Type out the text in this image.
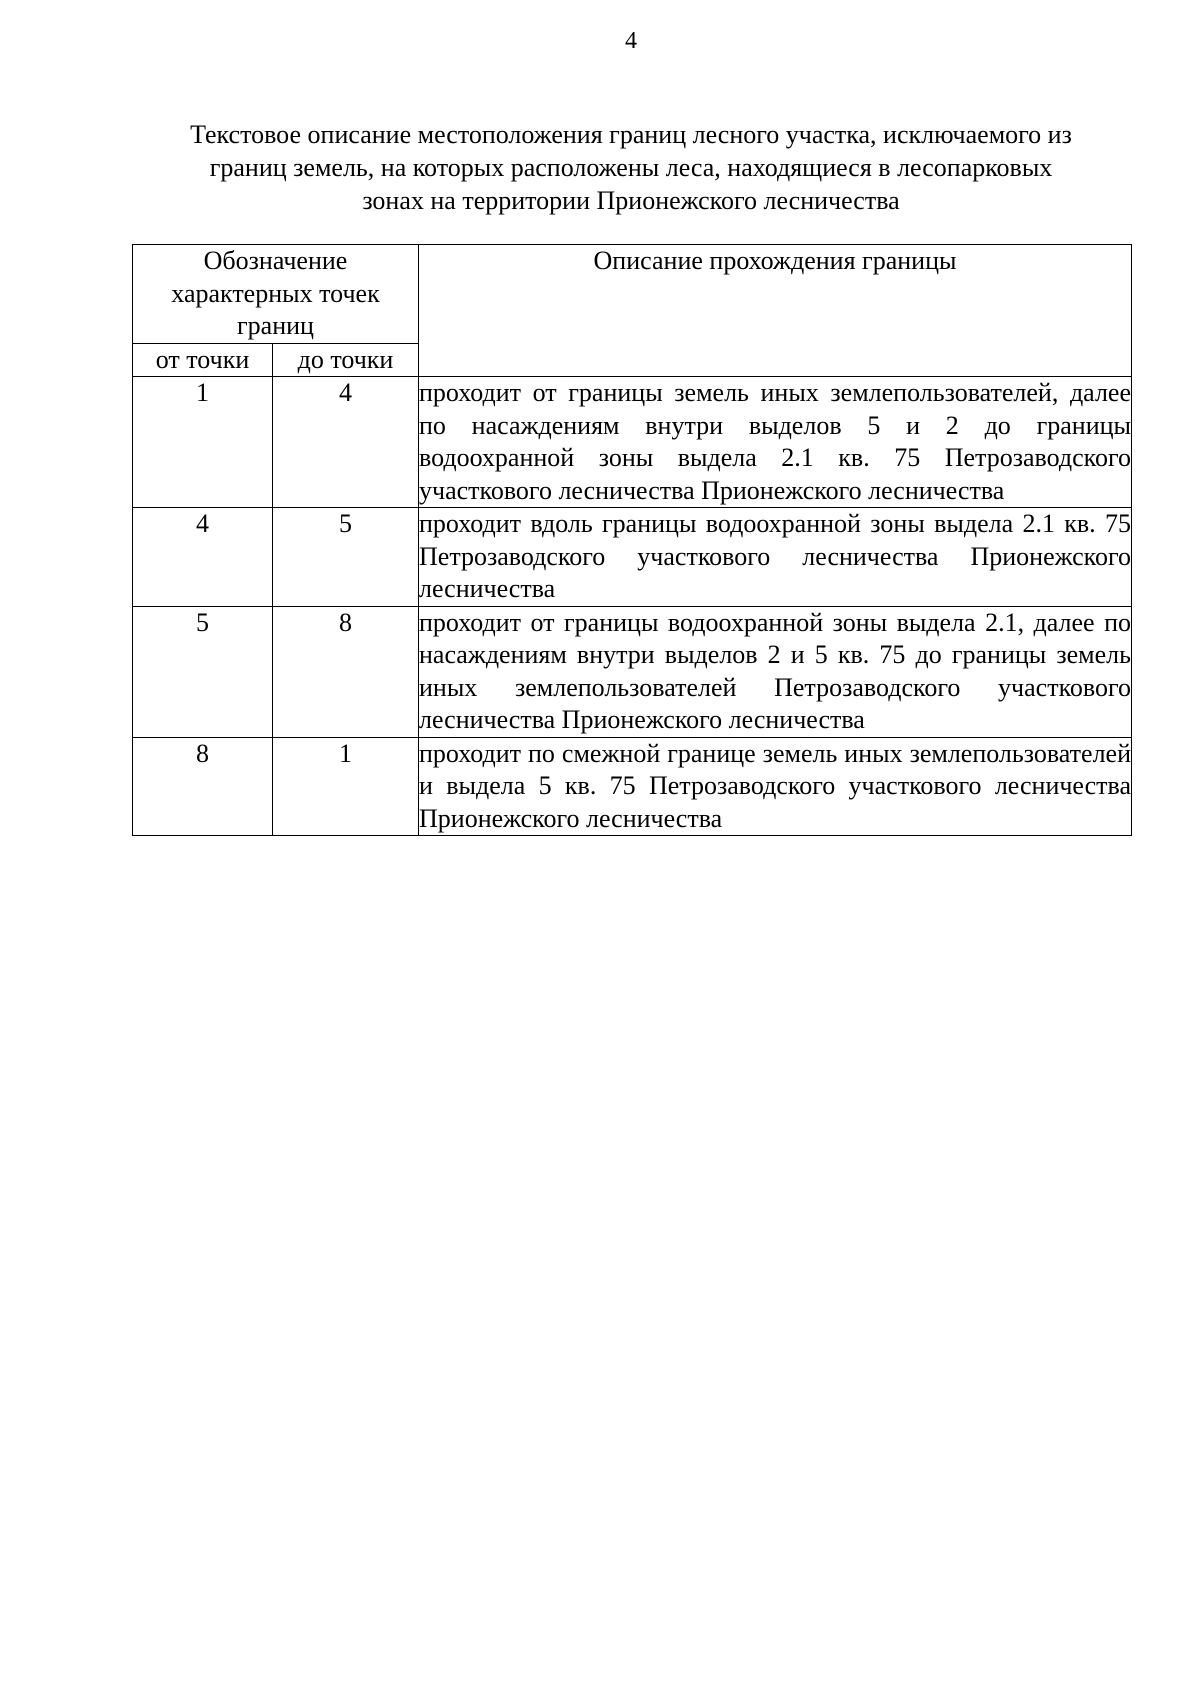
4
Текстовое описание местоположения границ лесного участка, исключаемого из
границ земель, на которых расположены леса, находящиеся в лесопарковых
зонах на территории Прионежского лесничества
Обозначение характерных точек границ		Описание прохождения границы
от точки	до точки	
1	4	проходит от границы земель иных землепользователей, далее по насаждениям внутри выделов 5 и 2 до границы водоохранной зоны выдела 2.1 кв. 75 Петрозаводского участкового лесничества Прионежского лесничества
4	5	проходит вдоль границы водоохранной зоны выдела 2.1 кв. 75 Петрозаводского участкового лесничества Прионежского лесничества
5	8	проходит от границы водоохранной зоны выдела 2.1, далее по насаждениям внутри выделов 2 и 5 кв. 75 до границы земель иных землепользователей Петрозаводского участкового лесничества Прионежского лесничества
8	1	проходит по смежной границе земель иных землепользователей и выдела 5 кв. 75 Петрозаводского участкового лесничества Прионежского лесничества
